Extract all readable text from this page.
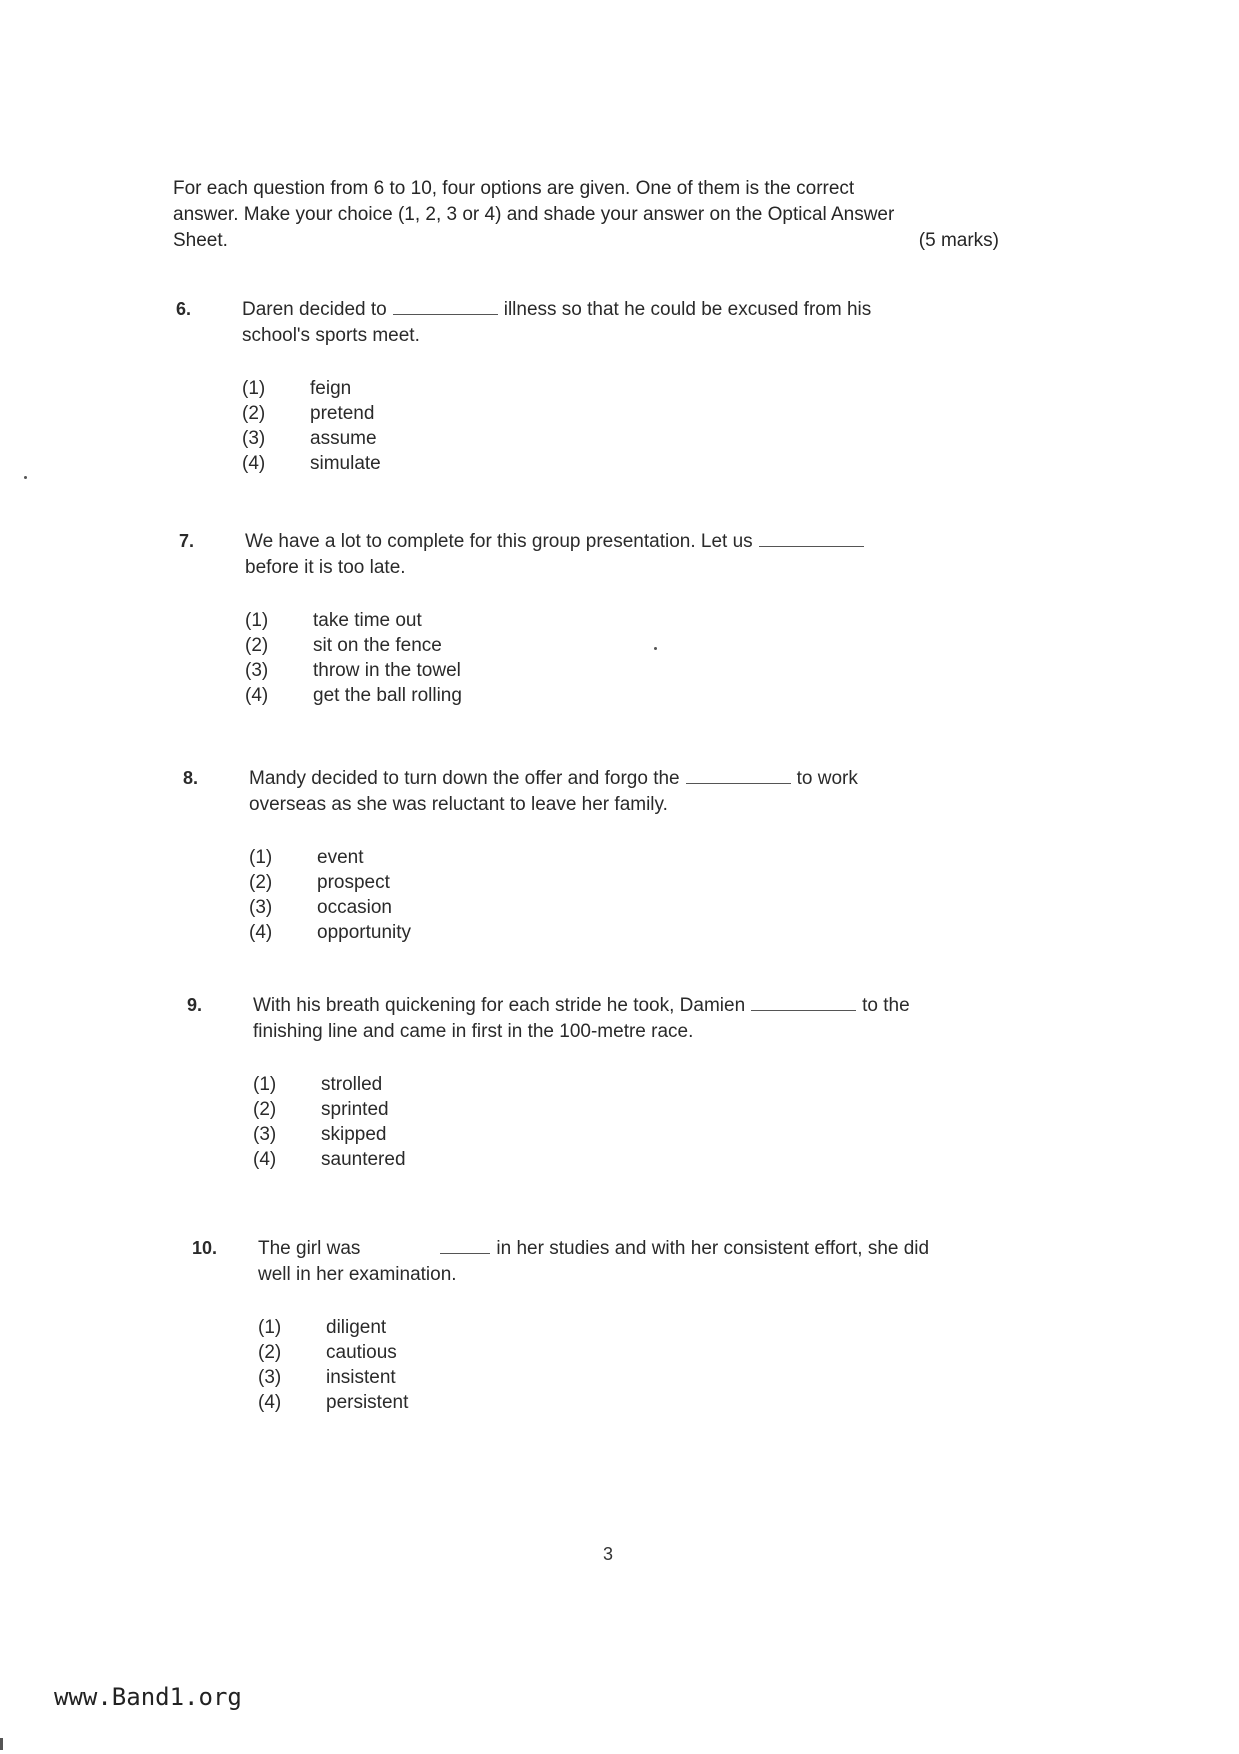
For each question from 6 to 10, four options are given. One of them is the correct
answer. Make your choice (1, 2, 3 or 4) and shade your answer on the Optical Answer
Sheet.	(5 marks)
6.	Daren decided to	illness so that he could be excused from his
school's sports meet.
(1) feign
(2) pretend
(3) assume
(4) simulate
7.	We have a lot to complete for this group presentation. Let us
before it is too late.
(1) take time out
(2) sit on the fence
(3) throw in the towel
(4) get the ball rolling
8.	Mandy decided to turn down the offer and forgo the	to work
overseas as she was reluctant to leave her family.
(1) event
(2) prospect
(3) occasion
(4) opportunity
9.	With his breath quickening for each stride he took, Damien	to the
finishing line and came in first in the 100-metre race.
(1) strolled
(2) sprinted
(3) skipped
(4) sauntered
10. The girl was	in her studies and with her consistent effort, she did
well in her examination.
(1) diligent
(2) cautious
(3) insistent
(4) persistent
3
www.Band1.org
